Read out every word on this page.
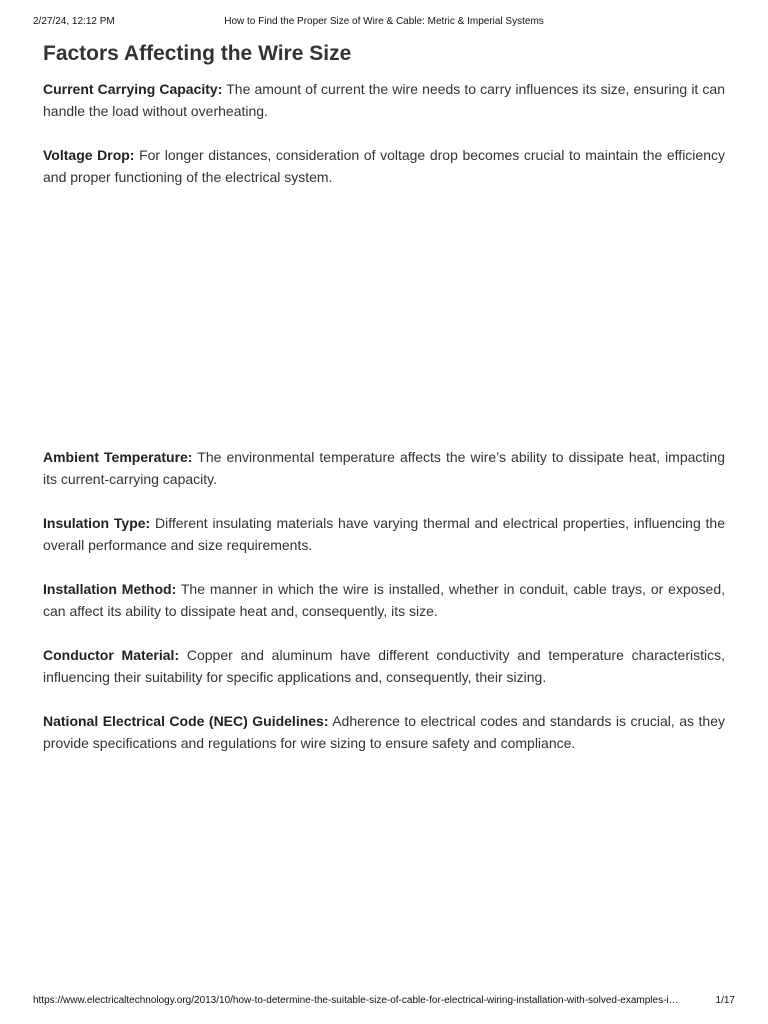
2/27/24, 12:12 PM	How to Find the Proper Size of Wire & Cable: Metric & Imperial Systems
Factors Affecting the Wire Size

Current Carrying Capacity: The amount of current the wire needs to carry influences its size, ensuring it can handle the load without overheating.

Voltage Drop: For longer distances, consideration of voltage drop becomes crucial to maintain the efficiency and proper functioning of the electrical system.

Ambient Temperature: The environmental temperature affects the wire’s ability to dissipate heat, impacting its current-carrying capacity.

Insulation Type: Different insulating materials have varying thermal and electrical properties, influencing the overall performance and size requirements.

Installation Method: The manner in which the wire is installed, whether in conduit, cable trays, or exposed, can affect its ability to dissipate heat and, consequently, its size.

Conductor Material: Copper and aluminum have different conductivity and temperature characteristics, influencing their suitability for specific applications and, consequently, their sizing.

National Electrical Code (NEC) Guidelines: Adherence to electrical codes and standards is crucial, as they provide specifications and regulations for wire sizing to ensure safety and compliance.

https://www.electricaltechnology.org/2013/10/how-to-determine-the-suitable-size-of-cable-for-electrical-wiring-installation-with-solved-examples-i…	1/17
